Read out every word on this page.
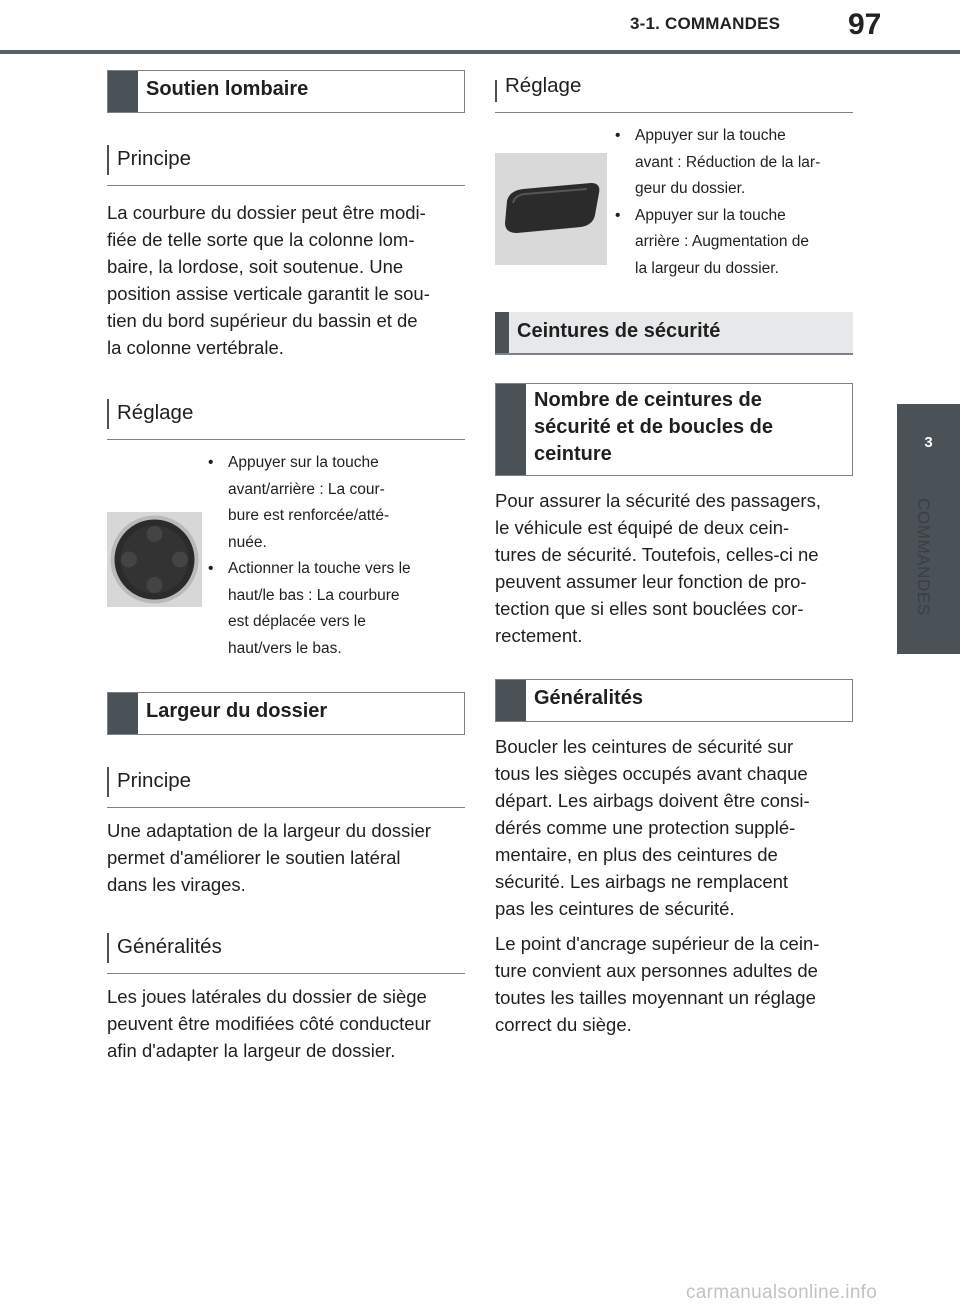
3-1. COMMANDES 97
3
COMMANDES
Soutien lombaire
Principe

La courbure du dossier peut être modi-
fiée de telle sorte que la colonne lom-
baire, la lordose, soit soutenue. Une
position assise verticale garantit le sou-
tien du bord supérieur du bassin et de
la colonne vertébrale.

Réglage
• Appuyer sur la touche
avant/arrière : La cour-
bure est renforcée/atté-
nuée.
• Actionner la touche vers le
haut/le bas : La courbure
est déplacée vers le
haut/vers le bas.
Largeur du dossier
Principe

Une adaptation de la largeur du dossier
permet d'améliorer le soutien latéral
dans les virages.

Généralités

Les joues latérales du dossier de siège
peuvent être modifiées côté conducteur
afin d'adapter la largeur de dossier.

Réglage
• Appuyer sur la touche
avant : Réduction de la lar-
geur du dossier.
• Appuyer sur la touche
arrière : Augmentation de
la largeur du dossier.
Ceintures de sécurité
Nombre de ceintures de
sécurité et de boucles de
ceinture

Pour assurer la sécurité des passagers,
le véhicule est équipé de deux cein-
tures de sécurité. Toutefois, celles-ci ne
peuvent assumer leur fonction de pro-
tection que si elles sont bouclées cor-
rectement.

Généralités

Boucler les ceintures de sécurité sur
tous les sièges occupés avant chaque
départ. Les airbags doivent être consi-
dérés comme une protection supplé-
mentaire, en plus des ceintures de
sécurité. Les airbags ne remplacent
pas les ceintures de sécurité.

Le point d'ancrage supérieur de la cein-
ture convient aux personnes adultes de
toutes les tailles moyennant un réglage
correct du siège.

carmanualsonline.info
